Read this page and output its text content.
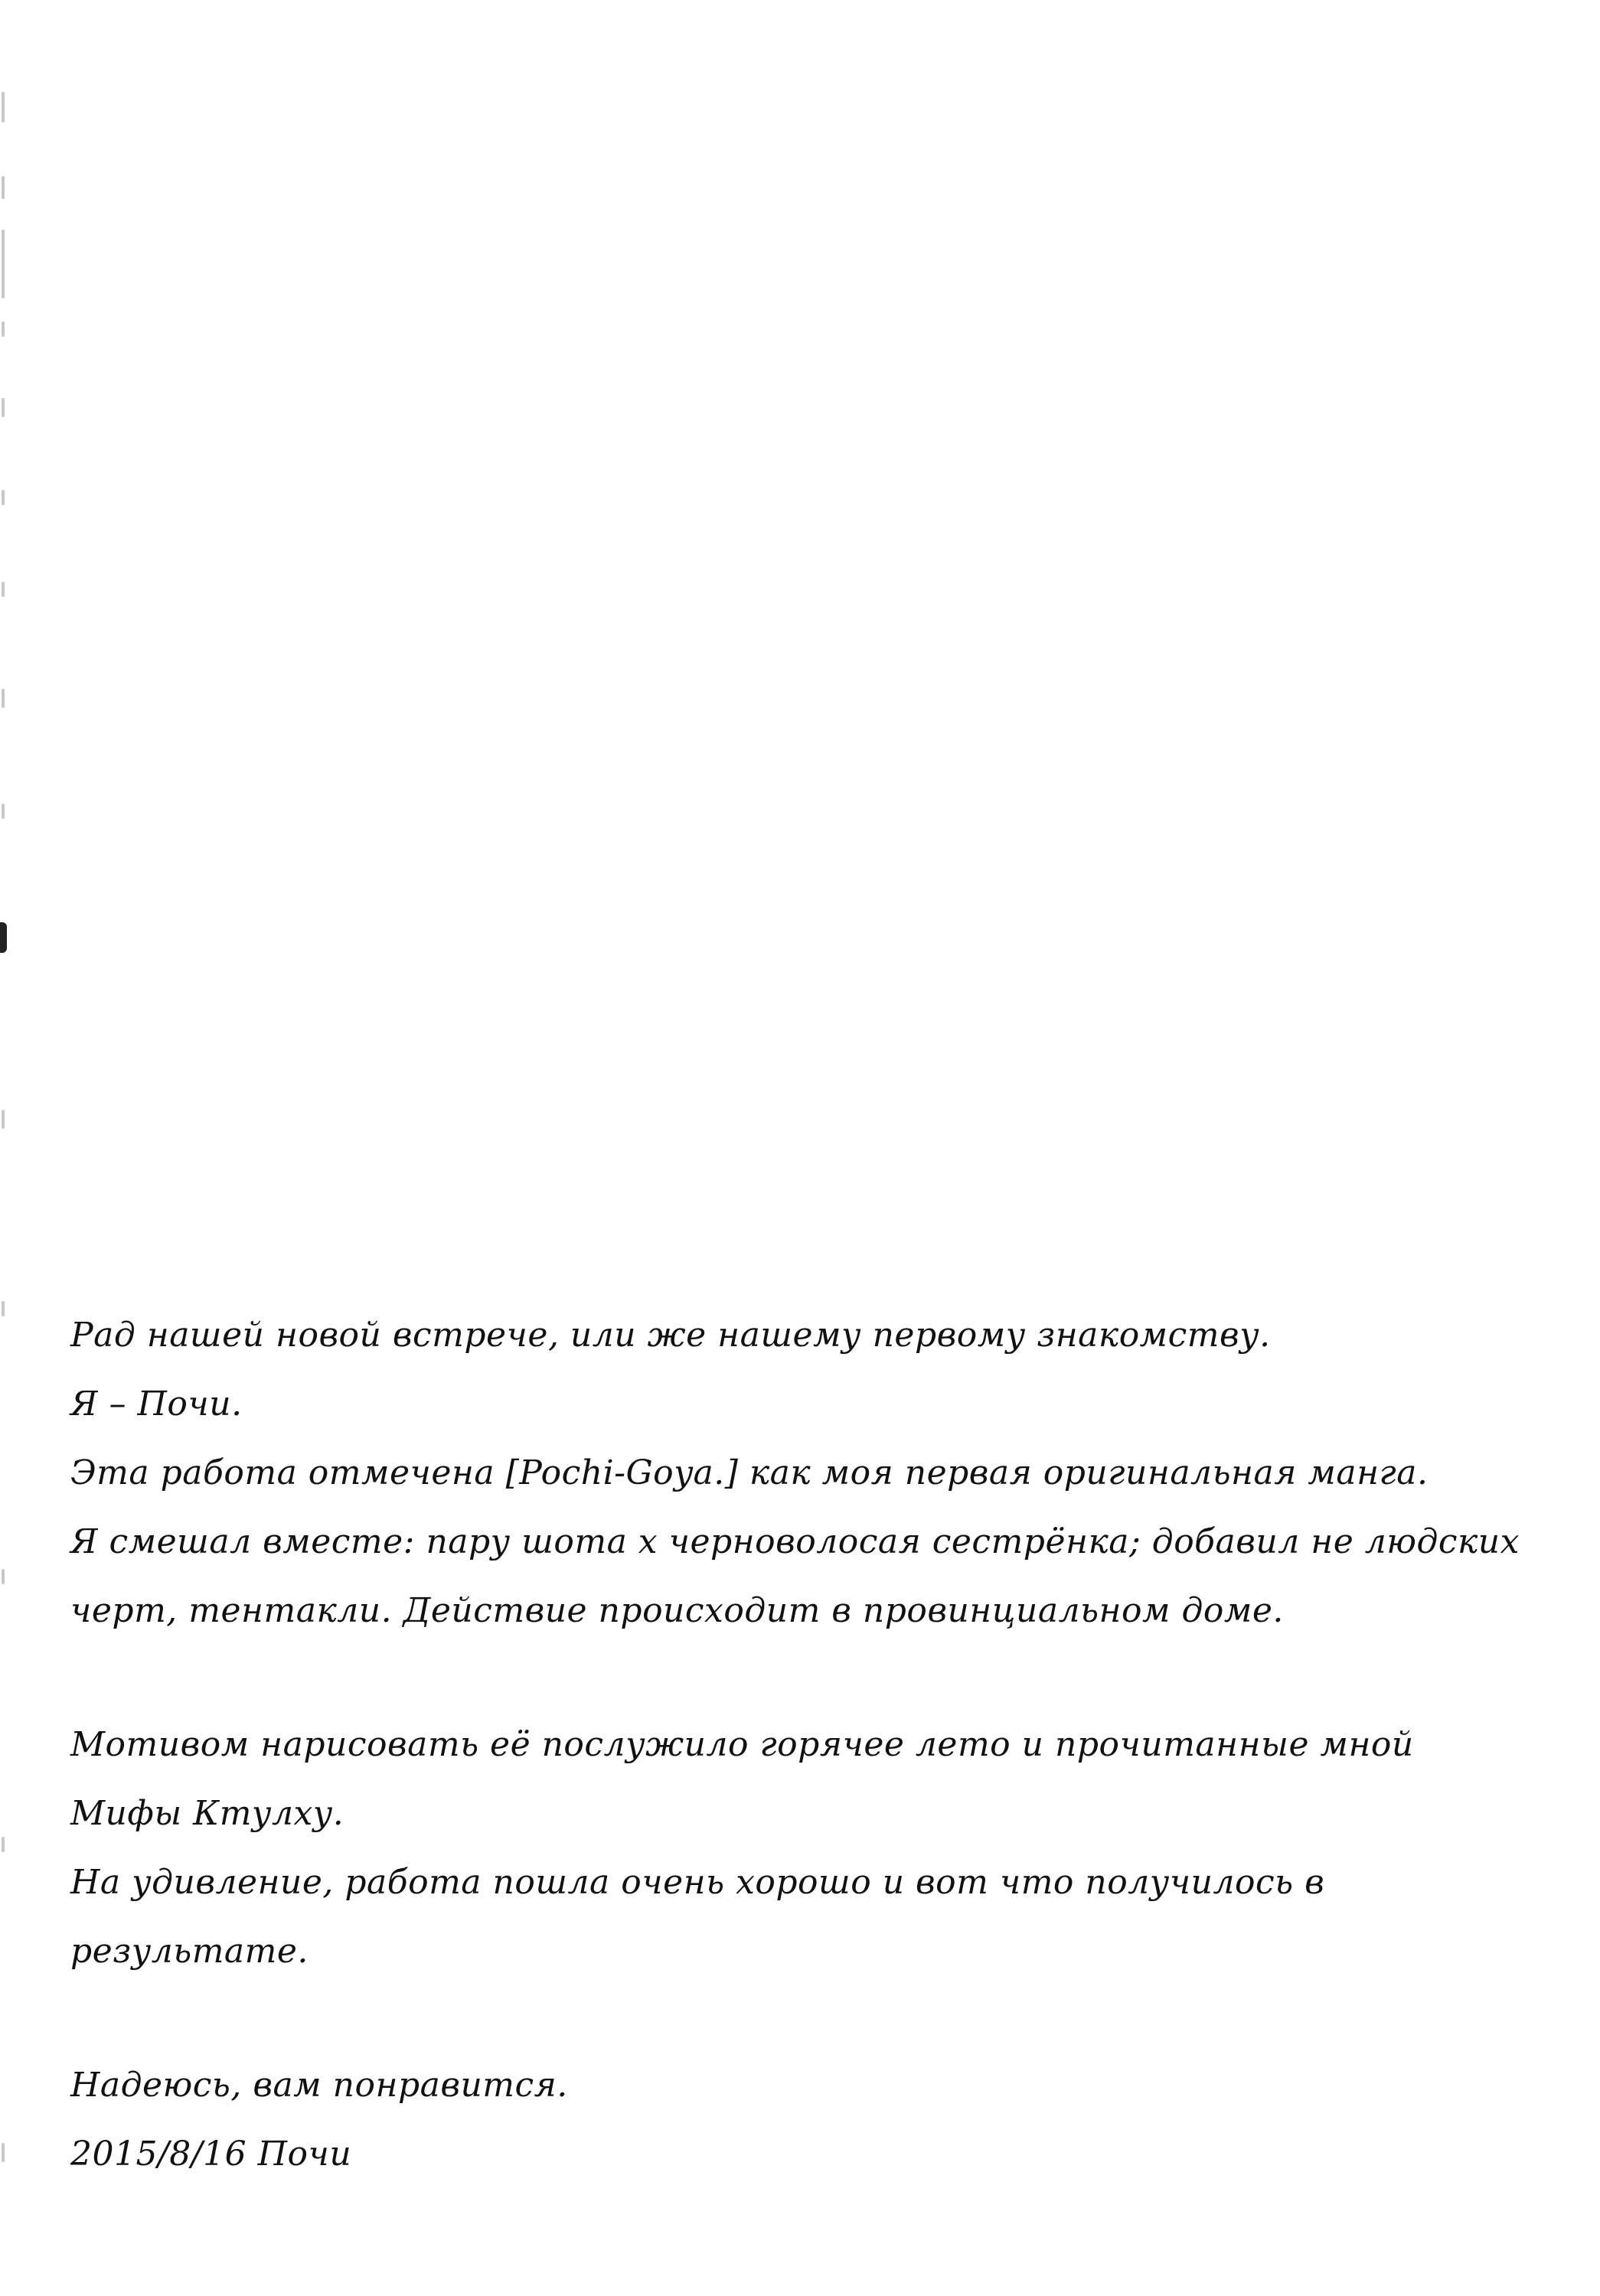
Рад нашей новой встрече, или же нашему первому знакомству.
Я – Почи.
Эта работа отмечена [Pochi-Goya.] как моя первая оригинальная манга.
Я смешал вместе: пару шота х черноволосая сестрёнка; добавил не людских
черт, тентакли. Действие происходит в провинциальном доме.
Мотивом нарисовать её послужило горячее лето и прочитанные мной
Мифы Ктулху.
На удивление, работа пошла очень хорошо и вот что получилось в
результате.
Надеюсь, вам понравится.
2015/8/16 Почи
